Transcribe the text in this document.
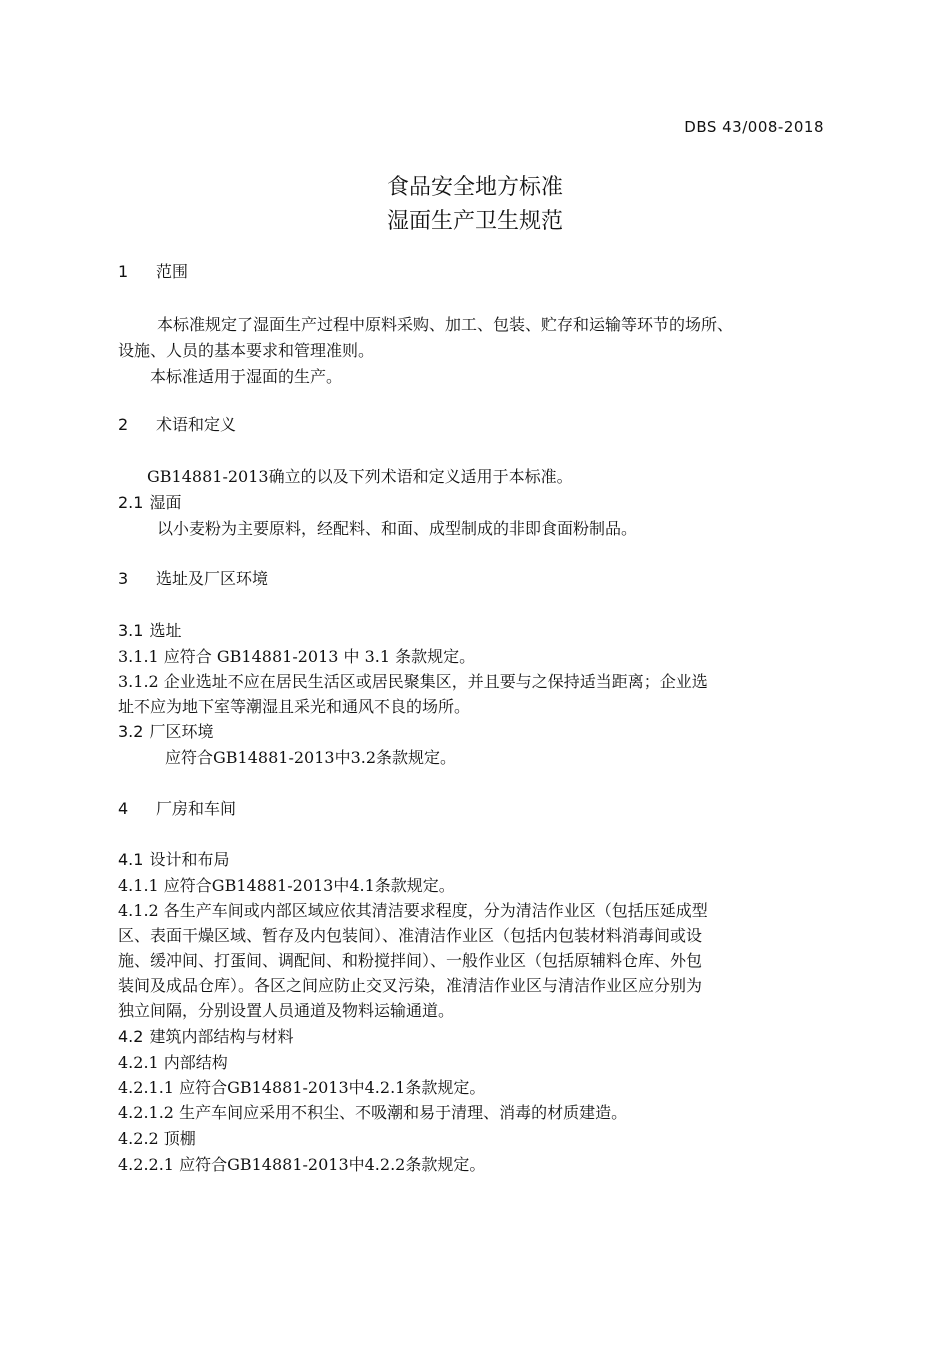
DBS 43/008-2018
食品安全地方标准
湿面生产卫生规范
1 范围
本标准规定了湿面生产过程中原料采购、加工、包装、贮存和运输等环节的场所、
设施、人员的基本要求和管理准则。
本标准适用于湿面的生产。
2 术语和定义
GB14881-2013确立的以及下列术语和定义适用于本标准。
2.1 湿面
以小麦粉为主要原料，经配料、和面、成型制成的非即食面粉制品。
3 选址及厂区环境
3.1 选址
3.1.1 应符合 GB14881-2013 中 3.1 条款规定。
3.1.2 企业选址不应在居民生活区或居民聚集区，并且要与之保持适当距离；企业选
址不应为地下室等潮湿且采光和通风不良的场所。
3.2 厂区环境
应符合GB14881-2013中3.2条款规定。
4 厂房和车间
4.1 设计和布局
4.1.1 应符合GB14881-2013中4.1条款规定。
4.1.2 各生产车间或内部区域应依其清洁要求程度，分为清洁作业区（包括压延成型
区、表面干燥区域、暂存及内包装间）、准清洁作业区（包括内包装材料消毒间或设
施、缓冲间、打蛋间、调配间、和粉搅拌间）、一般作业区（包括原辅料仓库、外包
装间及成品仓库）。各区之间应防止交叉污染，准清洁作业区与清洁作业区应分别为
独立间隔，分别设置人员通道及物料运输通道。
4.2 建筑内部结构与材料
4.2.1 内部结构
4.2.1.1 应符合GB14881-2013中4.2.1条款规定。
4.2.1.2 生产车间应采用不积尘、不吸潮和易于清理、消毒的材质建造。
4.2.2 顶棚
4.2.2.1 应符合GB14881-2013中4.2.2条款规定。
